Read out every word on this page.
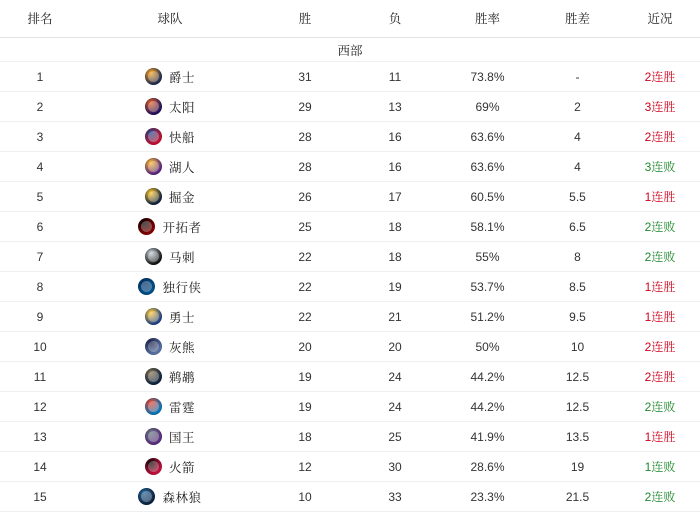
排名	球队	胜	负	胜率	胜差	近况
西部						
1	爵士	31	11	73.8%	-	2连胜
2	太阳	29	13	69%	2	3连胜
3	快船	28	16	63.6%	4	2连胜
4	湖人	28	16	63.6%	4	3连败
5	掘金	26	17	60.5%	5.5	1连胜
6	开拓者	25	18	58.1%	6.5	2连败
7	马刺	22	18	55%	8	2连败
8	独行侠	22	19	53.7%	8.5	1连胜
9	勇士	22	21	51.2%	9.5	1连胜
10	灰熊	20	20	50%	10	2连胜
11	鹈鹕	19	24	44.2%	12.5	2连胜
12	雷霆	19	24	44.2%	12.5	2连败
13	国王	18	25	41.9%	13.5	1连胜
14	火箭	12	30	28.6%	19	1连败
15	森林狼	10	33	23.3%	21.5	2连败
